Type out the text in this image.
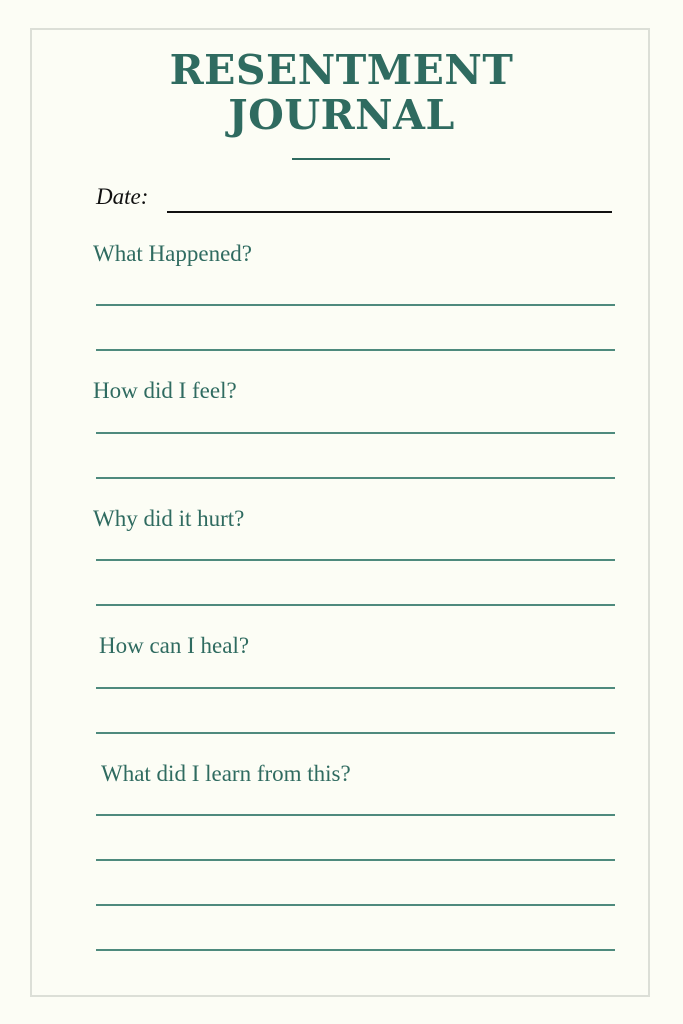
RESENTMENT
JOURNAL
Date:
What Happened?
How did I feel?
Why did it hurt?
How can I heal?
What did I learn from this?
